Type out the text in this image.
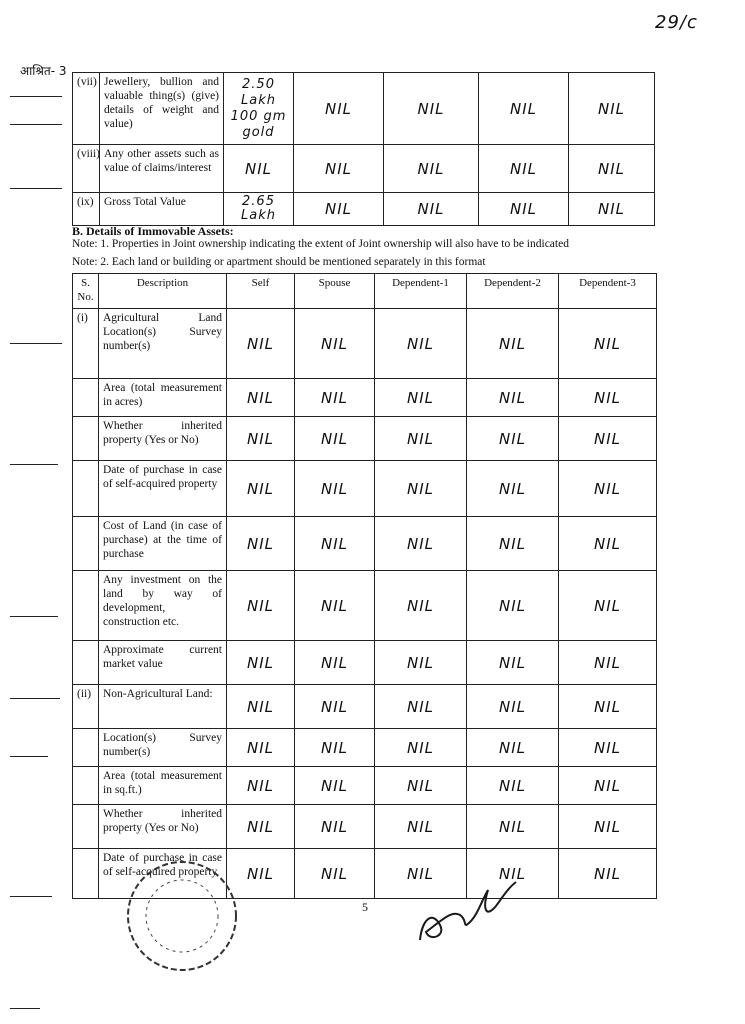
29/c
आश्रित- 3
(vii)	Jewellery, bullion and valuable thing(s) (give) details of weight and value)	2.50 Lakh 100 gm gold	NIL	NIL	NIL	NIL
(viii)	Any other assets such as value of claims/interest	NIL	NIL	NIL	NIL	NIL
(ix)	Gross Total Value	2.65 Lakh	NIL	NIL	NIL	NIL
B. Details of Immovable Assets:
Note: 1. Properties in Joint ownership indicating the extent of Joint ownership will also have to be indicated
Note: 2. Each land or building or apartment should be mentioned separately in this format
S. No.	Description	Self	Spouse	Dependent-1	Dependent-2	Dependent-3
(i)	Agricultural Land Location(s) Survey number(s)	NIL	NIL	NIL	NIL	NIL
	Area (total measurement in acres)	NIL	NIL	NIL	NIL	NIL
	Whether inherited property (Yes or No)	NIL	NIL	NIL	NIL	NIL
	Date of purchase in case of self-acquired property	NIL	NIL	NIL	NIL	NIL
	Cost of Land (in case of purchase) at the time of purchase	NIL	NIL	NIL	NIL	NIL
	Any investment on the land by way of development, construction etc.	NIL	NIL	NIL	NIL	NIL
	Approximate current market value	NIL	NIL	NIL	NIL	NIL
(ii)	Non-Agricultural Land:	NIL	NIL	NIL	NIL	NIL
	Location(s) Survey number(s)	NIL	NIL	NIL	NIL	NIL
	Area (total measurement in sq.ft.)	NIL	NIL	NIL	NIL	NIL
	Whether inherited property (Yes or No)	NIL	NIL	NIL	NIL	NIL
	Date of purchase in case of self-acquired property	NIL	NIL	NIL	NIL	NIL
5
